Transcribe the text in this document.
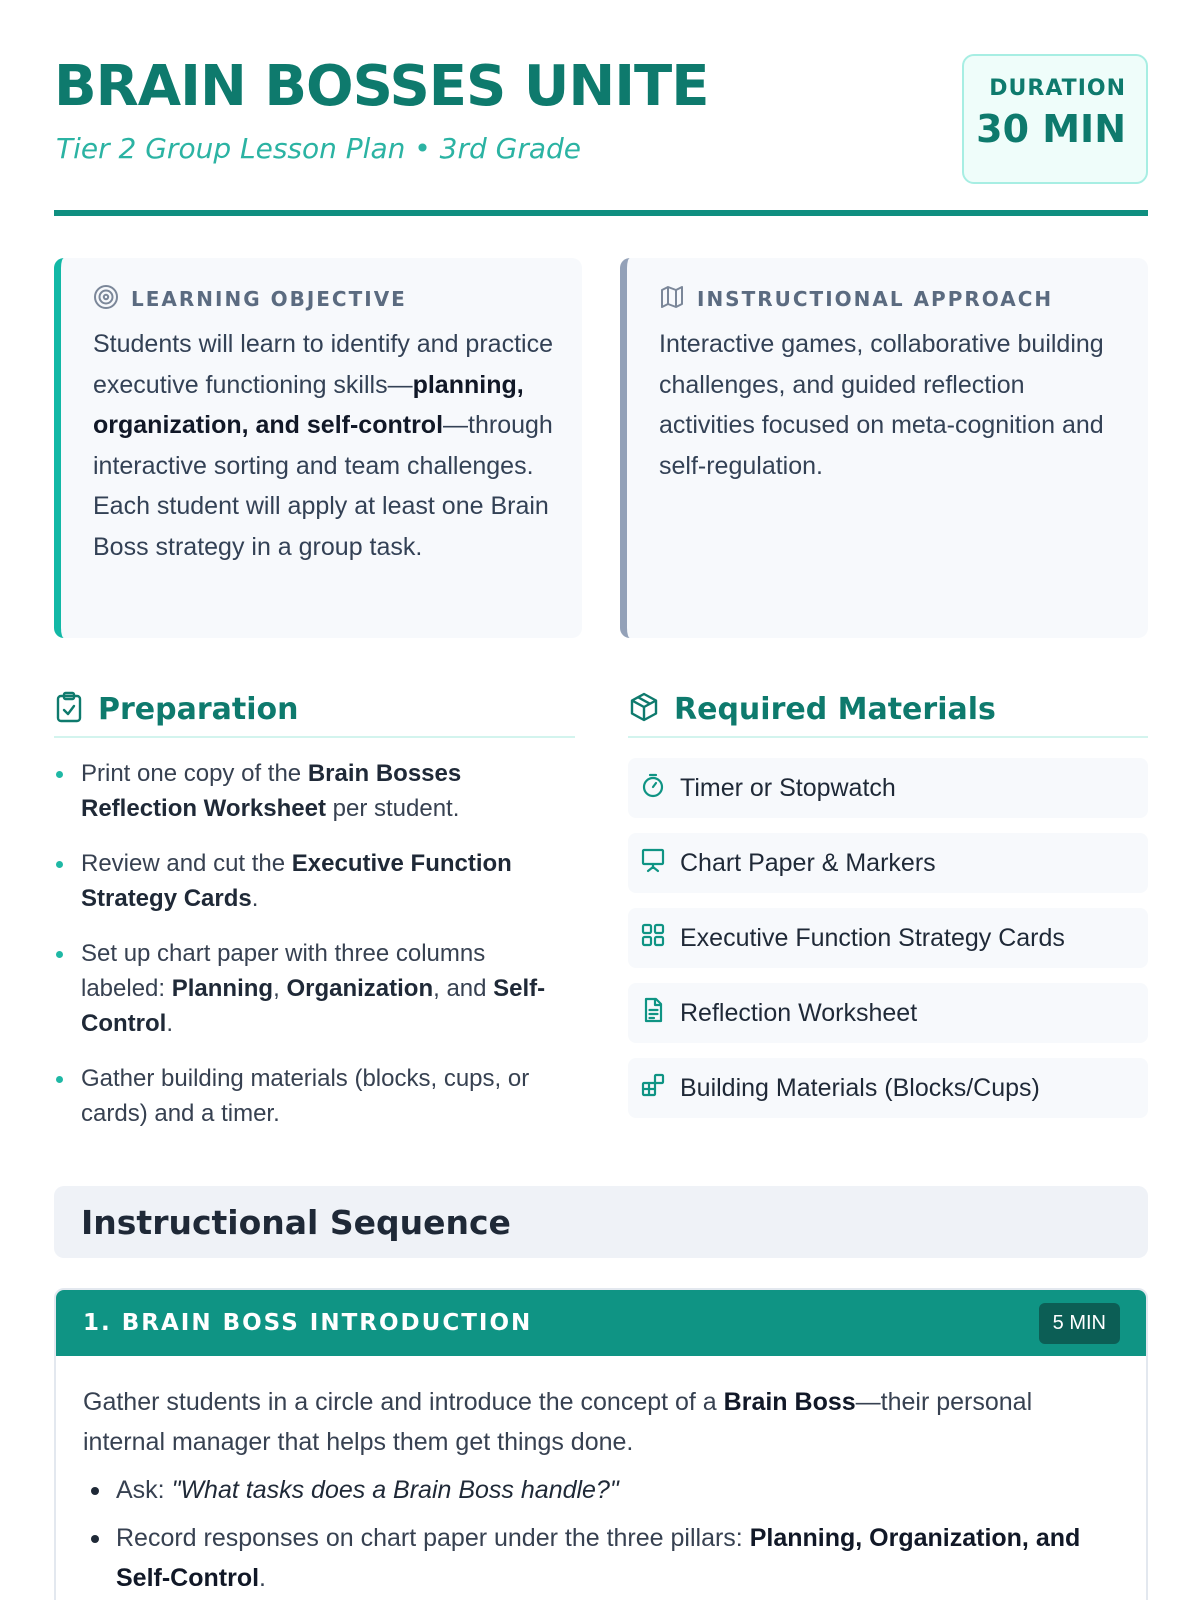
BRAIN BOSSES UNITE
Tier 2 Group Lesson Plan • 3rd Grade
DURATION
30 MIN
LEARNING OBJECTIVE
Students will learn to identify and practice executive functioning skills—planning, organization, and self-control—through interactive sorting and team challenges. Each student will apply at least one Brain Boss strategy in a group task.
INSTRUCTIONAL APPROACH
Interactive games, collaborative building challenges, and guided reflection activities focused on meta-cognition and self-regulation.
Preparation
Print one copy of the Brain Bosses Reflection Worksheet per student.
Review and cut the Executive Function Strategy Cards.
Set up chart paper with three columns labeled: Planning, Organization, and Self-Control.
Gather building materials (blocks, cups, or cards) and a timer.
Required Materials
Timer or Stopwatch
Chart Paper & Markers
Executive Function Strategy Cards
Reflection Worksheet
Building Materials (Blocks/Cups)
Instructional Sequence
1. BRAIN BOSS INTRODUCTION	5 MIN

Gather students in a circle and introduce the concept of a Brain Boss—their personal internal manager that helps them get things done.

Ask: "What tasks does a Brain Boss handle?"
Record responses on chart paper under the three pillars: Planning, Organization, and Self-Control.
